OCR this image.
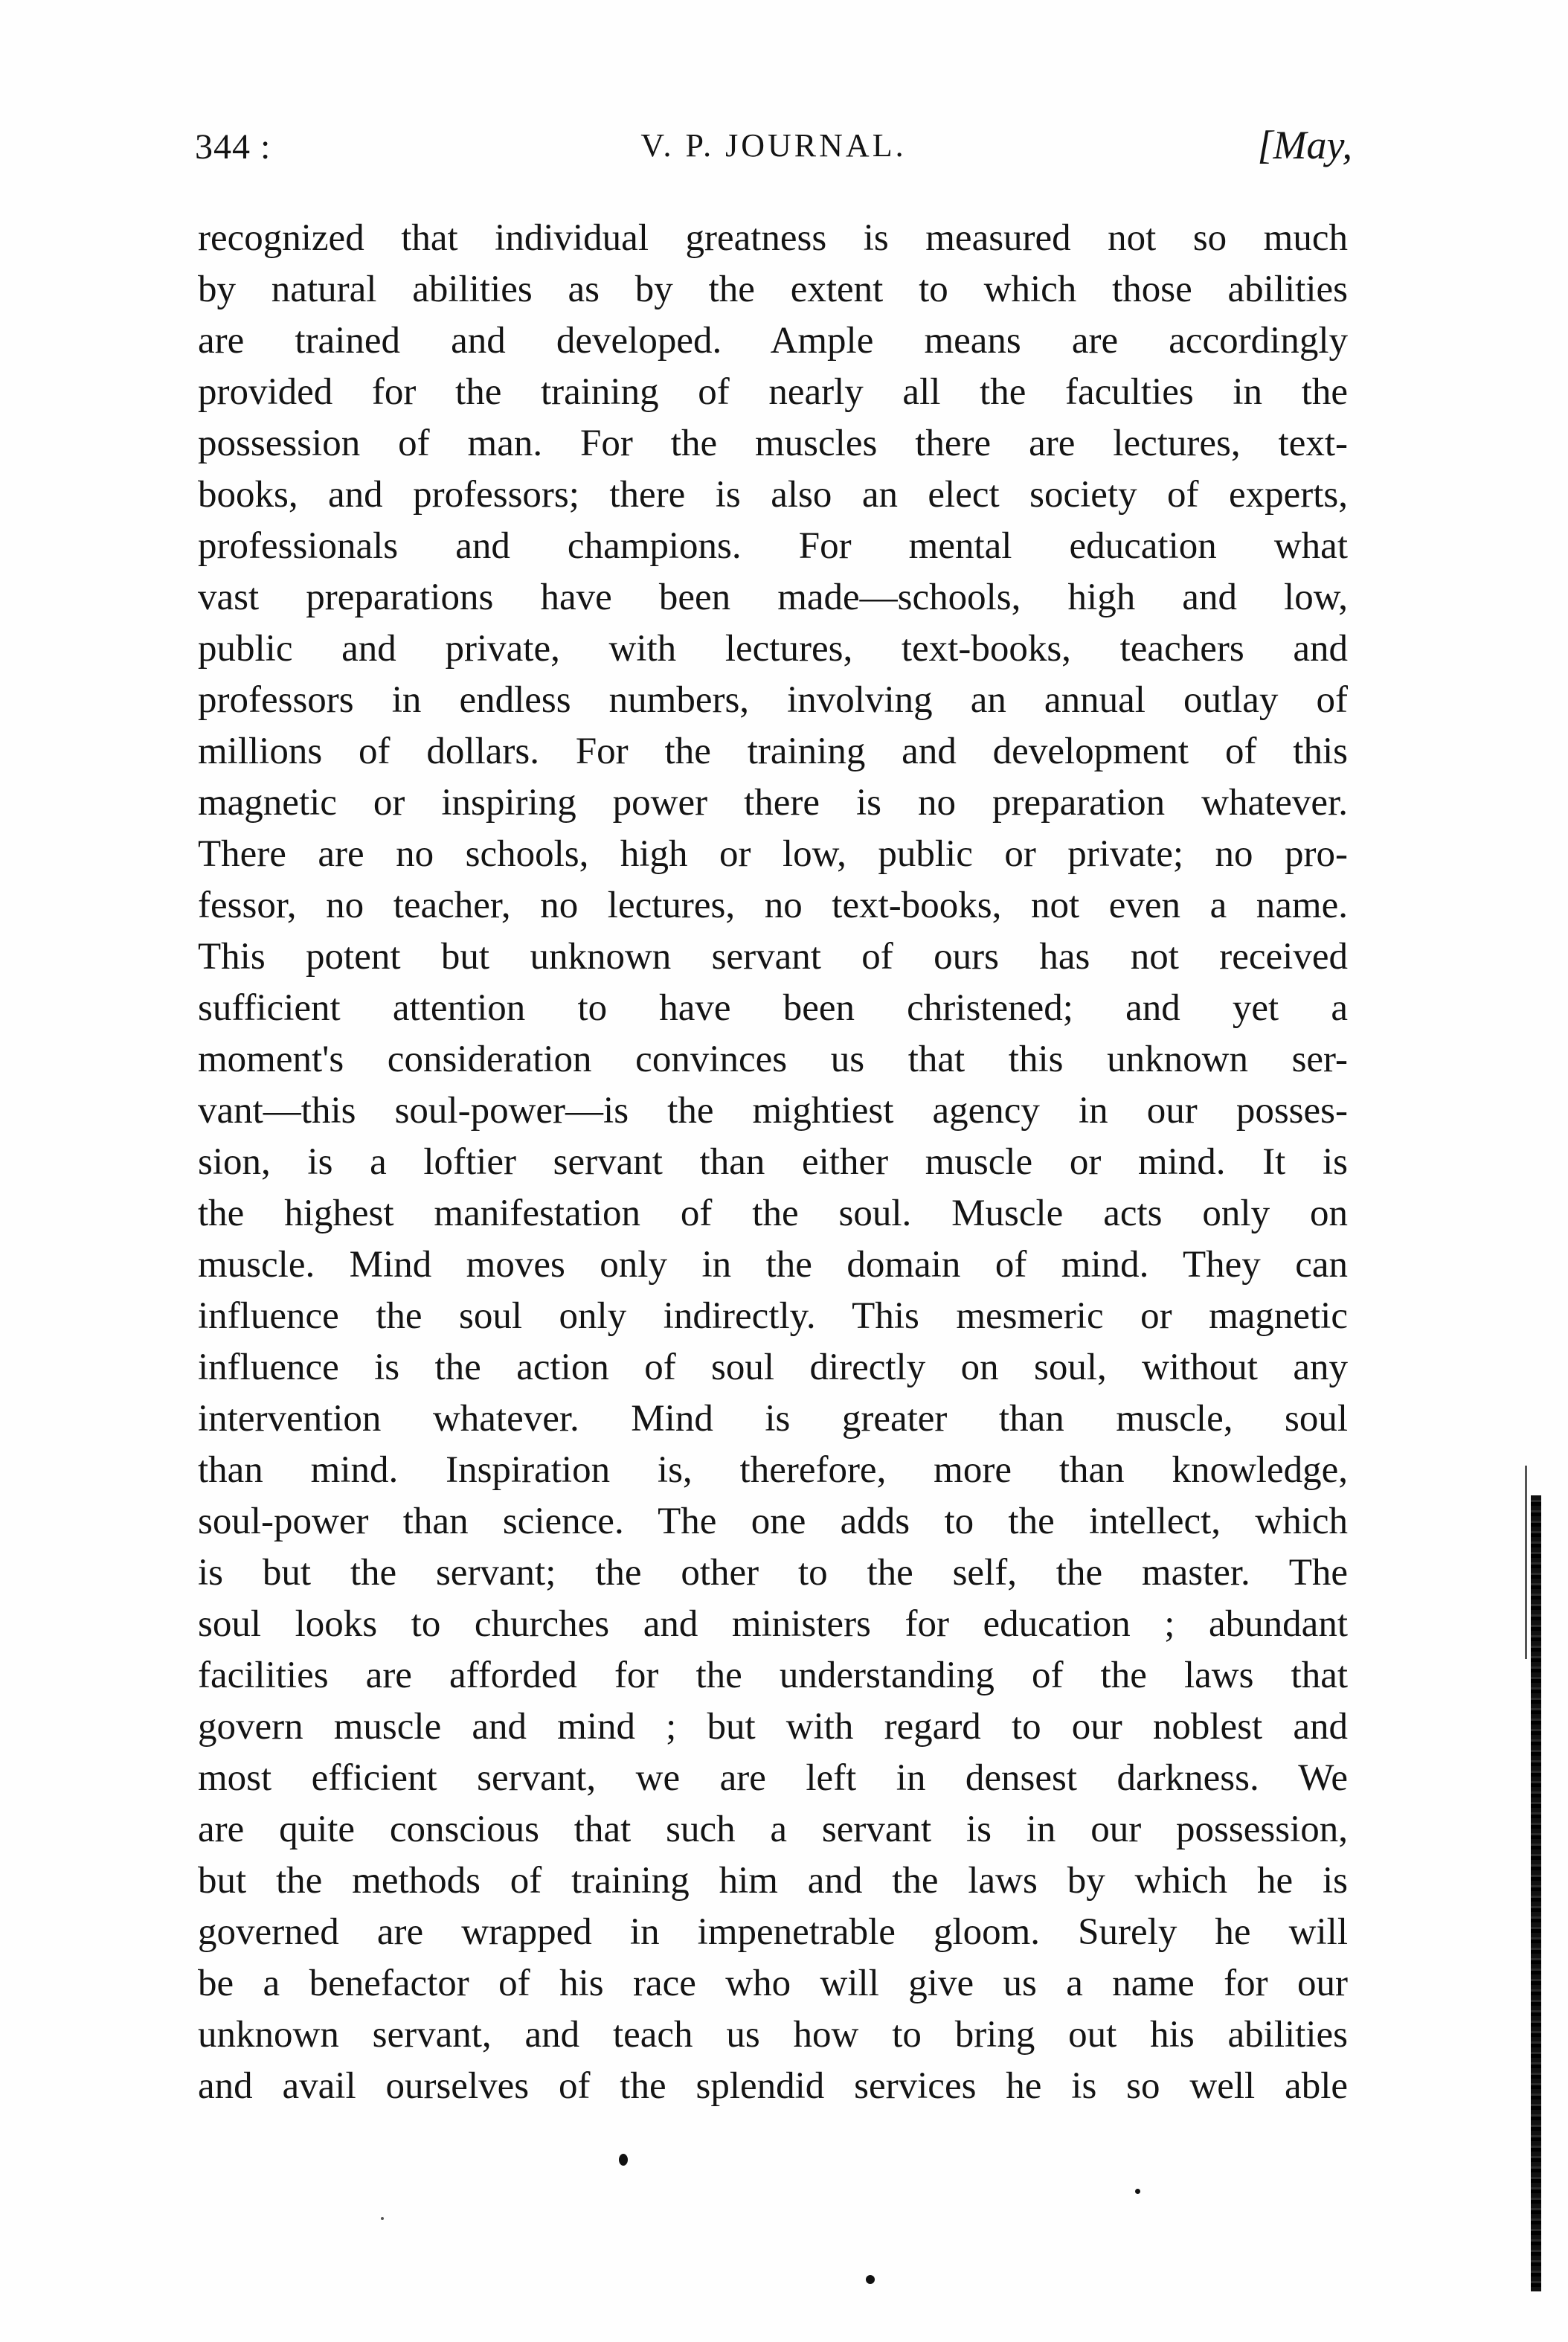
344 :	V. P. JOURNAL.	[May,
recognized that individual greatness is measured not so much
by natural abilities as by the extent to which those abilities
are trained and developed. Ample means are accordingly
provided for the training of nearly all the faculties in the
possession of man. For the muscles there are lectures, text-
books, and professors; there is also an elect society of experts,
professionals and champions. For mental education what
vast preparations have been made—schools, high and low,
public and private, with lectures, text-books, teachers and
professors in endless numbers, involving an annual outlay of
millions of dollars. For the training and development of this
magnetic or inspiring power there is no preparation whatever.
There are no schools, high or low, public or private; no pro-
fessor, no teacher, no lectures, no text-books, not even a name.
This potent but unknown servant of ours has not received
sufficient attention to have been christened; and yet a
moment's consideration convinces us that this unknown ser-
vant—this soul-power—is the mightiest agency in our posses-
sion, is a loftier servant than either muscle or mind. It is
the highest manifestation of the soul. Muscle acts only on
muscle. Mind moves only in the domain of mind. They can
influence the soul only indirectly. This mesmeric or magnetic
influence is the action of soul directly on soul, without any
intervention whatever. Mind is greater than muscle, soul
than mind. Inspiration is, therefore, more than knowledge,
soul-power than science. The one adds to the intellect, which
is but the servant; the other to the self, the master. The
soul looks to churches and ministers for education ; abundant
facilities are afforded for the understanding of the laws that
govern muscle and mind ; but with regard to our noblest and
most efficient servant, we are left in densest darkness. We
are quite conscious that such a servant is in our possession,
but the methods of training him and the laws by which he is
governed are wrapped in impenetrable gloom. Surely he will
be a benefactor of his race who will give us a name for our
unknown servant, and teach us how to bring out his abilities
and avail ourselves of the splendid services he is so well able
